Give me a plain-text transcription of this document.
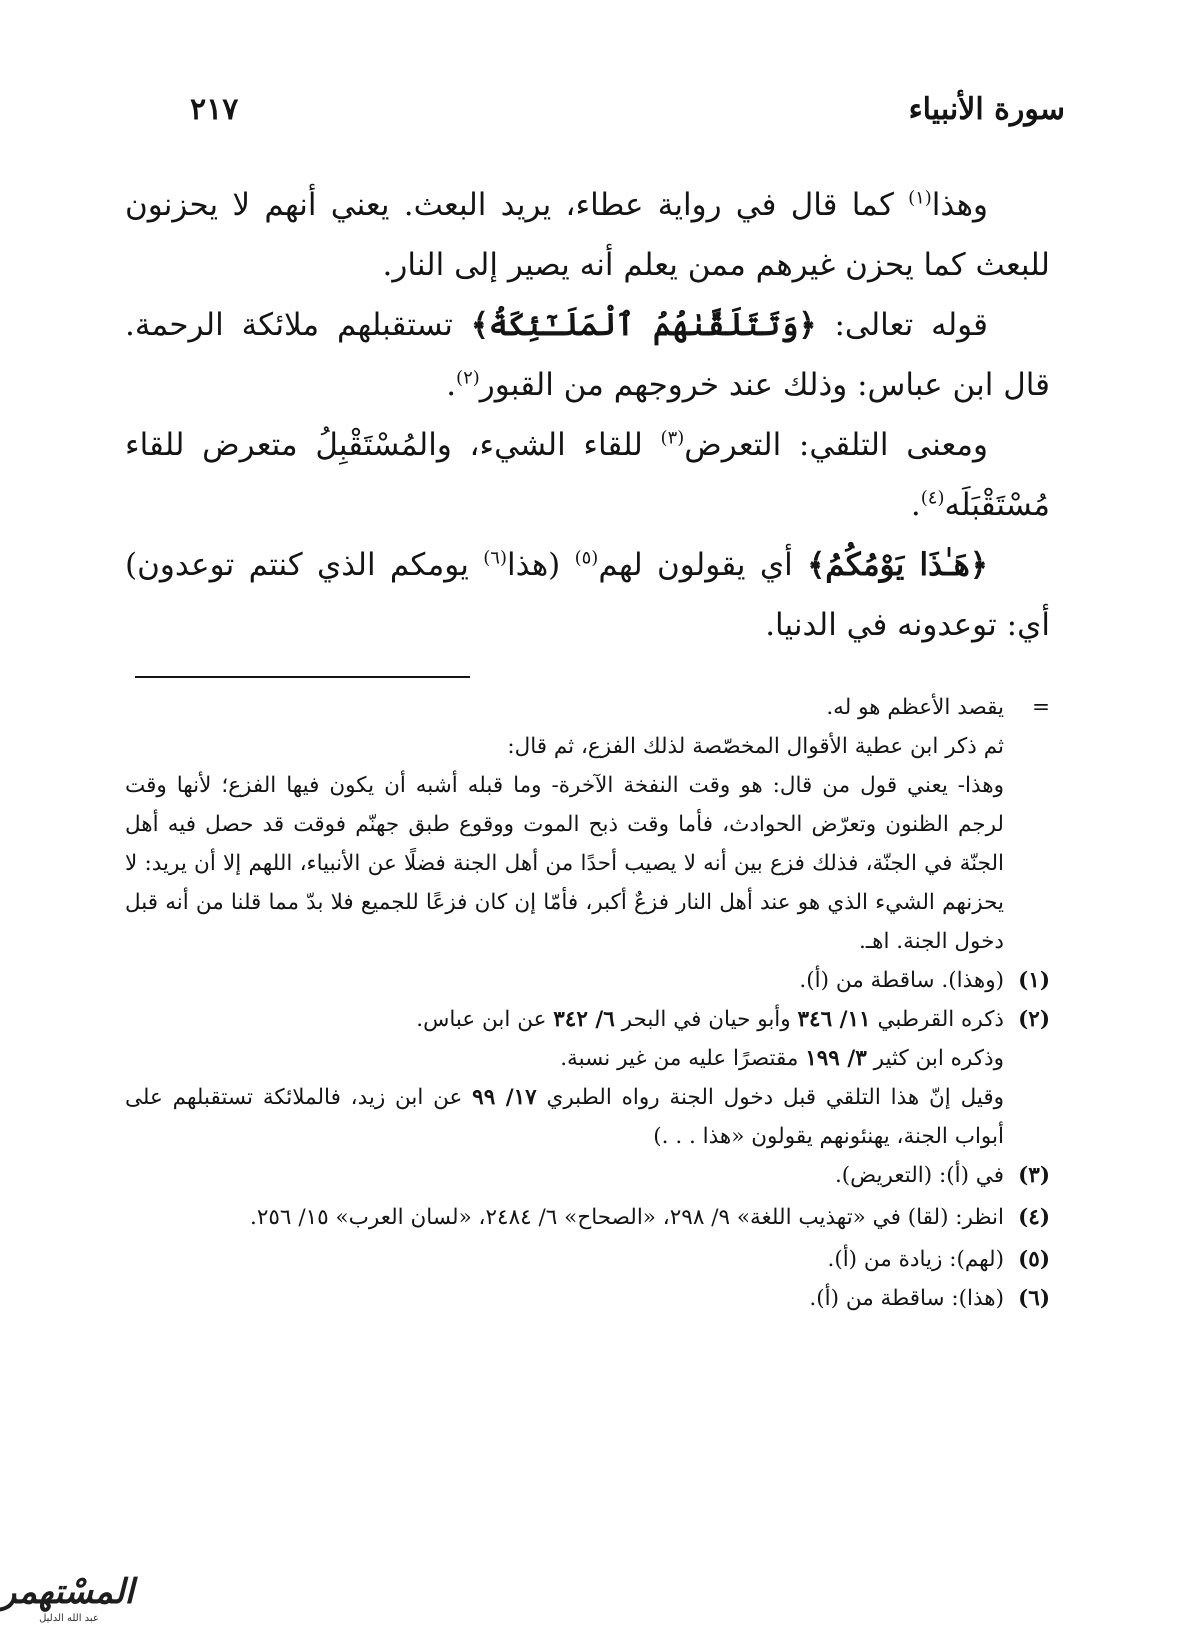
سورة الأنبياء
٢١٧

وهذا$^{(١)}$ كما قال في رواية عطاء، يريد البعث. يعني أنهم لا يحزنون للبعث كما يحزن غيرهم ممن يعلم أنه يصير إلى النار.

قوله تعالى: ﴿وَتَتَلَقَّىٰهُمُ ٱلْمَلَـٰٓئِكَةُ﴾ تستقبلهم ملائكة الرحمة. قال ابن عباس: وذلك عند خروجهم من القبور$^{(٢)}$.

ومعنى التلقي: التعرض$^{(٣)}$ للقاء الشيء، والمُسْتَقْبِلُ متعرض للقاء مُسْتَقْبَلَه$^{(٤)}$.

﴿هَـٰذَا يَوْمُكُمُ﴾ أي يقولون لهم$^{(٥)}$ (هذا$^{(٦)}$ يومكم الذي كنتم توعدون) أي: توعدونه في الدنيا.

=

يقصد الأعظم هو له.

ثم ذكر ابن عطية الأقوال المخصّصة لذلك الفزع، ثم قال:

وهذا- يعني قول من قال: هو وقت النفخة الآخرة- وما قبله أشبه أن يكون فيها الفزع؛ لأنها وقت لرجم الظنون وتعرّض الحوادث، فأما وقت ذبح الموت ووقوع طبق جهنّم فوقت قد حصل فيه أهل الجنّة في الجنّة، فذلك فزع بين أنه لا يصيب أحدًا من أهل الجنة فضلًا عن الأنبياء، اللهم إلا أن يريد: لا يحزنهم الشيء الذي هو عند أهل النار فزعٌ أكبر، فأمّا إن كان فزعًا للجميع فلا بدّ مما قلنا من أنه قبل دخول الجنة. اهـ.

(١)

(وهذا). ساقطة من (أ).

(٢)

ذكره القرطبي ١١/ ٣٤٦ وأبو حيان في البحر ٦/ ٣٤٢ عن ابن عباس.

وذكره ابن كثير ٣/ ١٩٩ مقتصرًا عليه من غير نسبة.

وقيل إنّ هذا التلقي قبل دخول الجنة رواه الطبري ١٧/ ٩٩ عن ابن زيد، فالملائكة تستقبلهم على أبواب الجنة، يهنئونهم يقولون «هذا . . .)

(٣)

في (أ): (التعريض).

(٤)

انظر: (لقا) في «تهذيب اللغة» ٩/ ٢٩٨، «الصحاح» ٦/ ٢٤٨٤، «لسان العرب» ١٥/ ٢٥٦.

(٥)

(لهم): زيادة من (أ).

(٦)

(هذا): ساقطة من (أ).

المسْتهمر
عبد الله الدليل
